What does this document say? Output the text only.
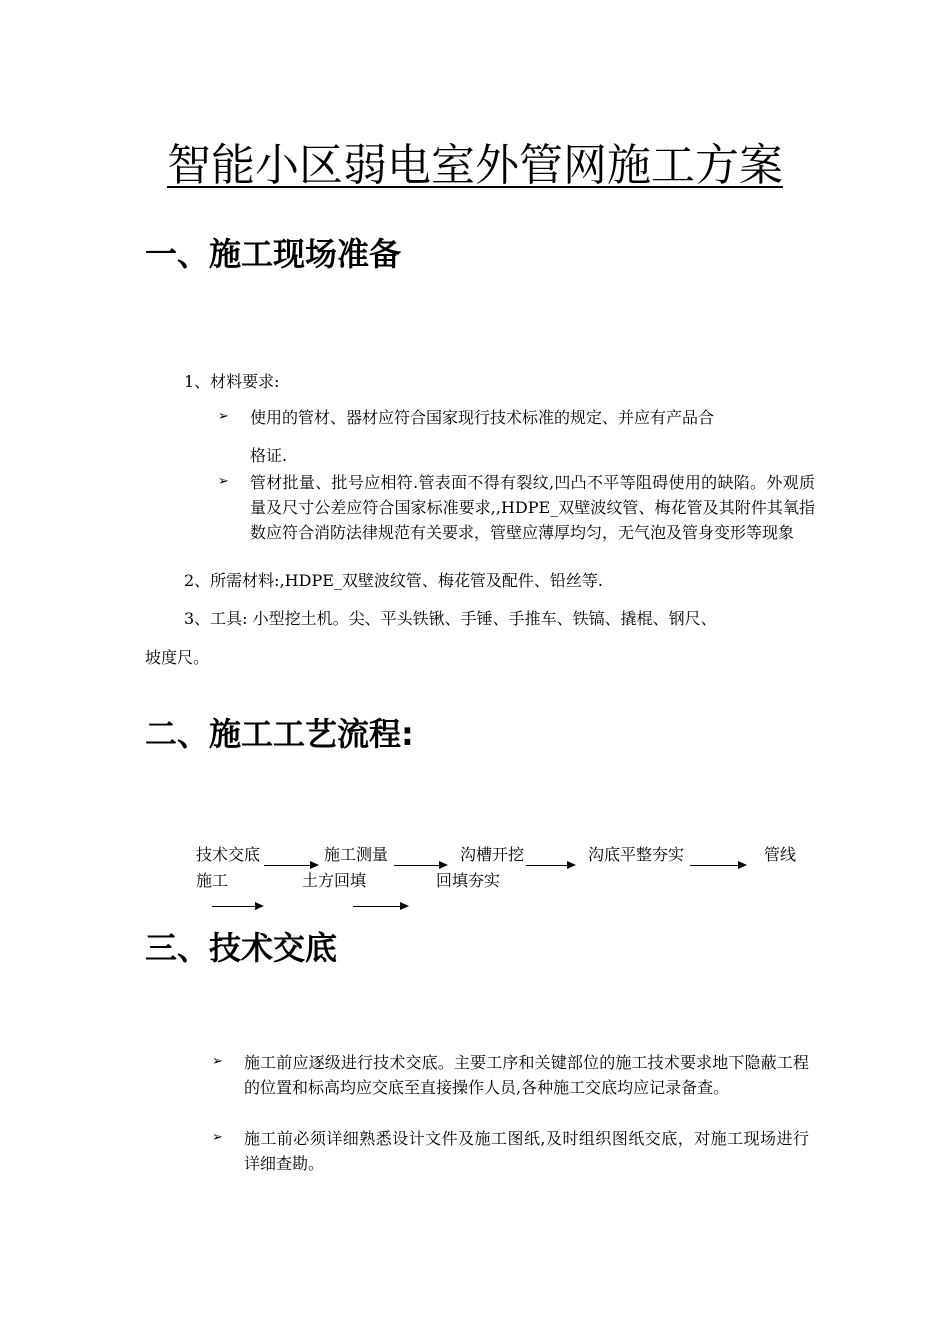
智能小区弱电室外管网施工方案
一、施工现场准备
1、材料要求:
➢ 使用的管材、器材应符合国家现行技术标准的规定、并应有产品合
格证.
➢ 管材批量、批号应相符.管表面不得有裂纹,凹凸不平等阻碍使用的缺陷。外观质量及尺寸公差应符合国家标准要求,,HDPE_双壁波纹管、梅花管及其附件其氧指数应符合消防法律规范有关要求，管壁应薄厚均匀，无气泡及管身变形等现象
2、所需材料:,HDPE_双壁波纹管、梅花管及配件、铅丝等.
3、工具: 小型挖土机。尖、平头铁锹、手锤、手推车、铁镐、撬棍、钢尺、
坡度尺。
二、施工工艺流程:
技术交底	施工测量	沟槽开挖	沟底平整夯实	管线
施工	土方回填	回填夯实
三、技术交底
➢ 施工前应逐级进行技术交底。主要工序和关键部位的施工技术要求地下隐蔽工程的位置和标高均应交底至直接操作人员,各种施工交底均应记录备查。
➢ 施工前必须详细熟悉设计文件及施工图纸,及时组织图纸交底，对施工现场进行详细查勘。
